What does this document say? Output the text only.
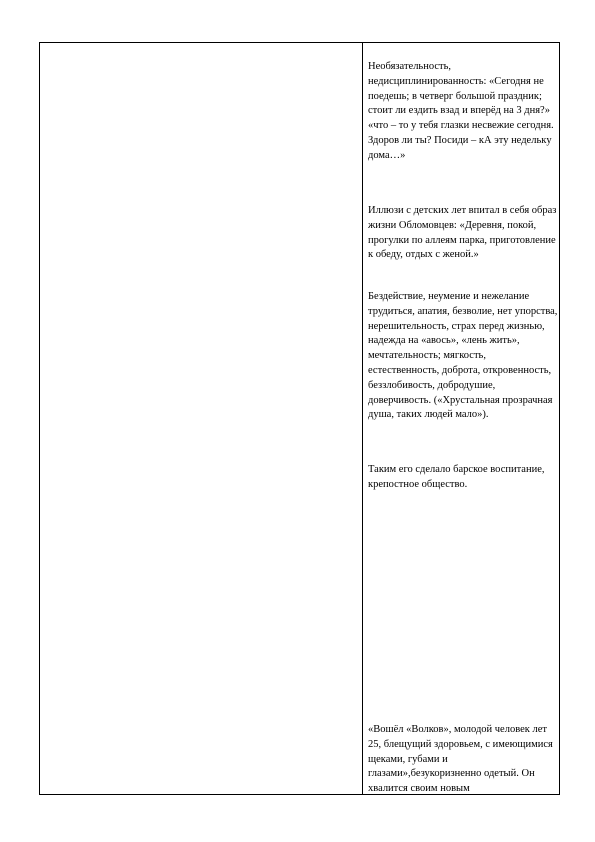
Необязательность, недисциплинированность: «Сегодня не поедешь; в четверг большой праздник; стоит ли ездить взад и вперёд на 3 дня?» «что – то у тебя глазки несвежие сегодня. Здоров ли ты? Посиди – кА эту неделькy дома…»

Иллюзи с детских лет впитал в себя образ жизни Обломовцев: «Деревня, покой, прогулки по аллеям парка, приготовление к обеду, отдых с женой.»

Бездействие, неумение и нежелание трудиться, апатия, безволие, нет упорства, нерешительность, страх перед жизнью, надежда на «авось», «лень жить», мечтательность; мягкость, естественность, доброта, откровенность, беззлобивость, добродушие, доверчивость. («Хрустальная прозрачная душа, таких людей мало»).

Таким его сделало барское воспитание, крепостное общество.

«Вошёл «Волков», молодой человек лет 25, блещущий здоровьем, с имеющимися щеками, губами и глазами»,безукоризненно одетый. Он хвалится своим новым
